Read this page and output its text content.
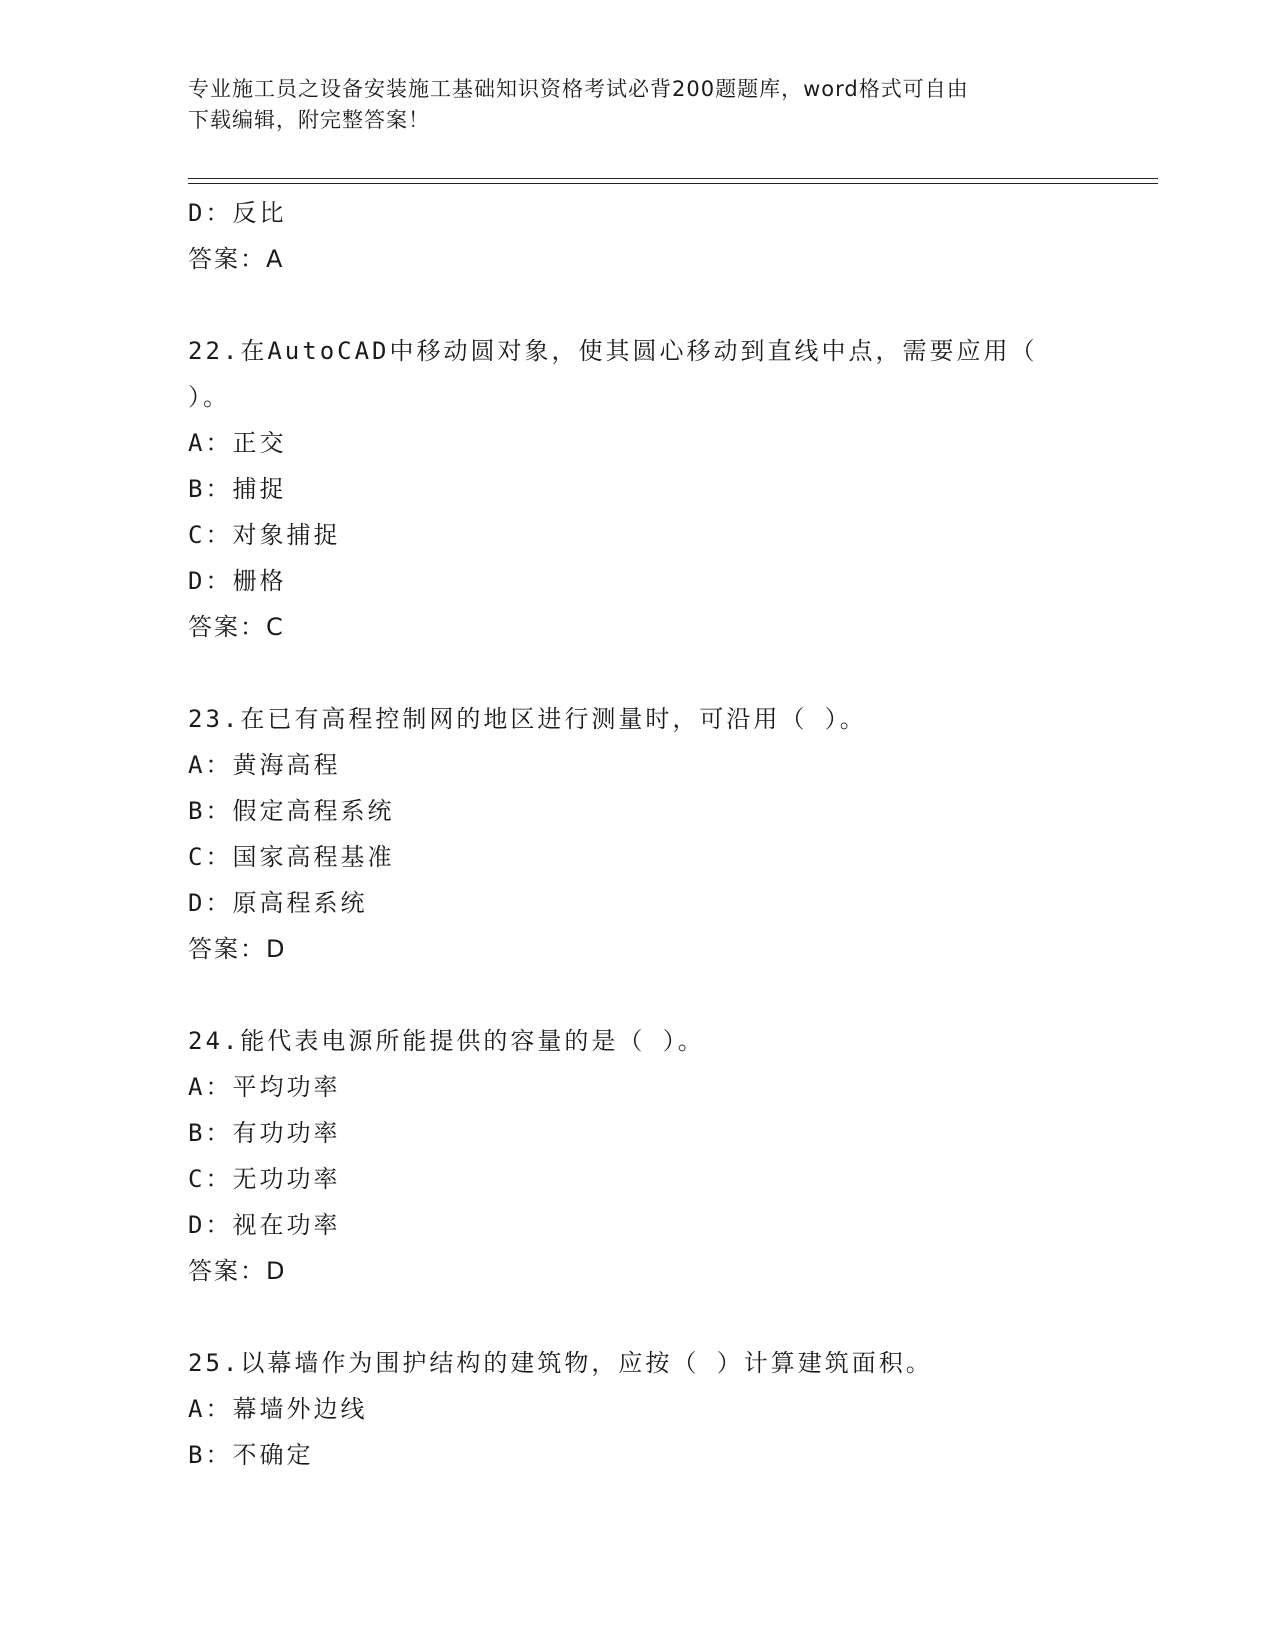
专业施工员之设备安装施工基础知识资格考试必背200题题库，word格式可自由
下载编辑，附完整答案！
D：反比
答案：A
22.在AutoCAD中移动圆对象，使其圆心移动到直线中点，需要应用（
）。
A：正交
B：捕捉
C：对象捕捉
D：栅格
答案：C
23.在已有高程控制网的地区进行测量时，可沿用（ ）。
A：黄海高程
B：假定高程系统
C：国家高程基准
D：原高程系统
答案：D
24.能代表电源所能提供的容量的是（ ）。
A：平均功率
B：有功功率
C：无功功率
D：视在功率
答案：D
25.以幕墙作为围护结构的建筑物，应按（ ）计算建筑面积。
A：幕墙外边线
B：不确定
